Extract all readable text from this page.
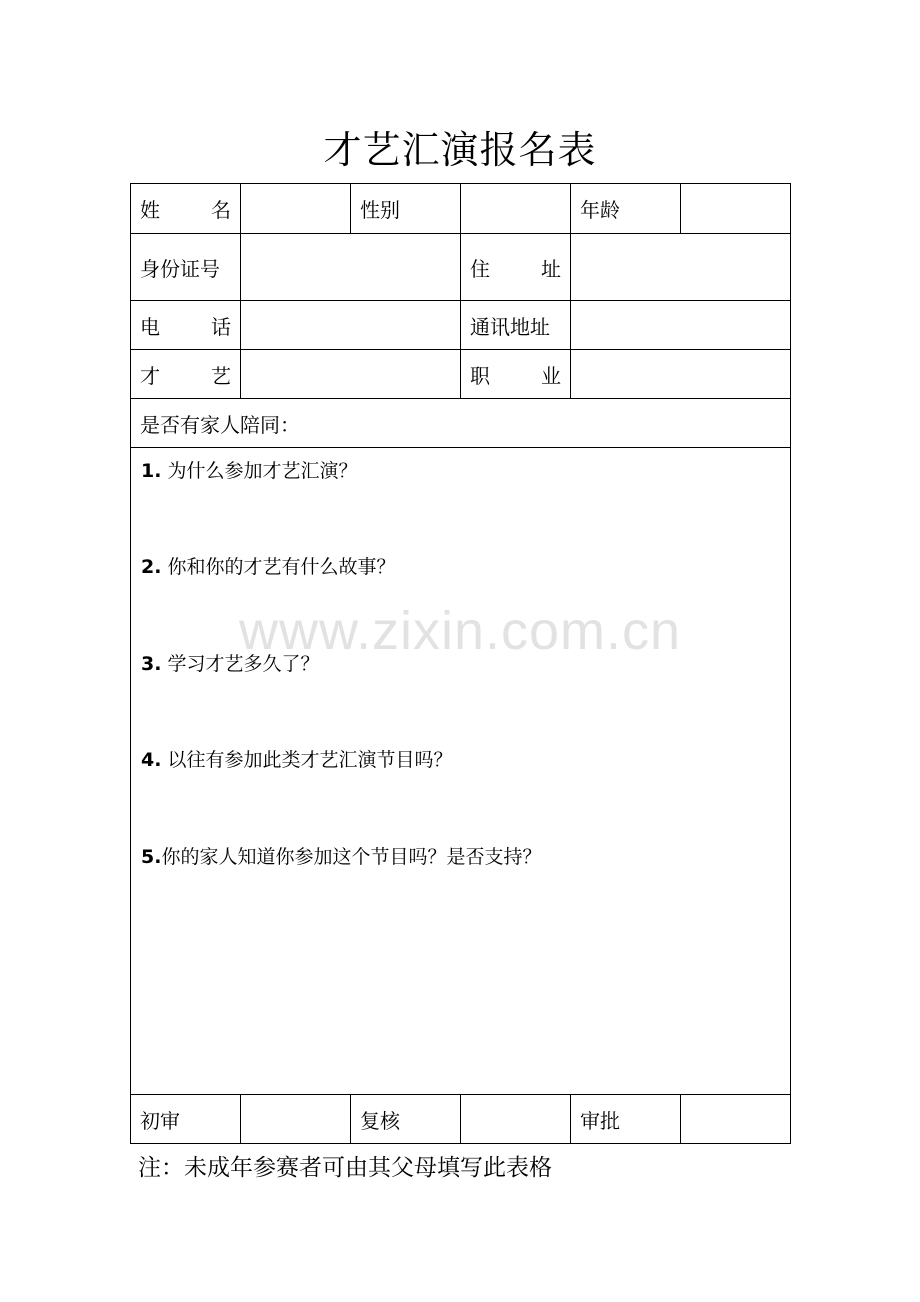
才艺汇演报名表
姓 名		性别		年龄	
身份证号			住 址		

电 话			通讯地址		

才 艺			职 业		

是否有家人陪同：					

1. 为什么参加才艺汇演？
2. 你和你的才艺有什么故事？
3. 学习才艺多久了？
4. 以往有参加此类才艺汇演节目吗？
5.你的家人知道你参加这个节目吗？是否支持？					

初审		复核		审批	
www.zixin.com.cn
注：未成年参赛者可由其父母填写此表格
